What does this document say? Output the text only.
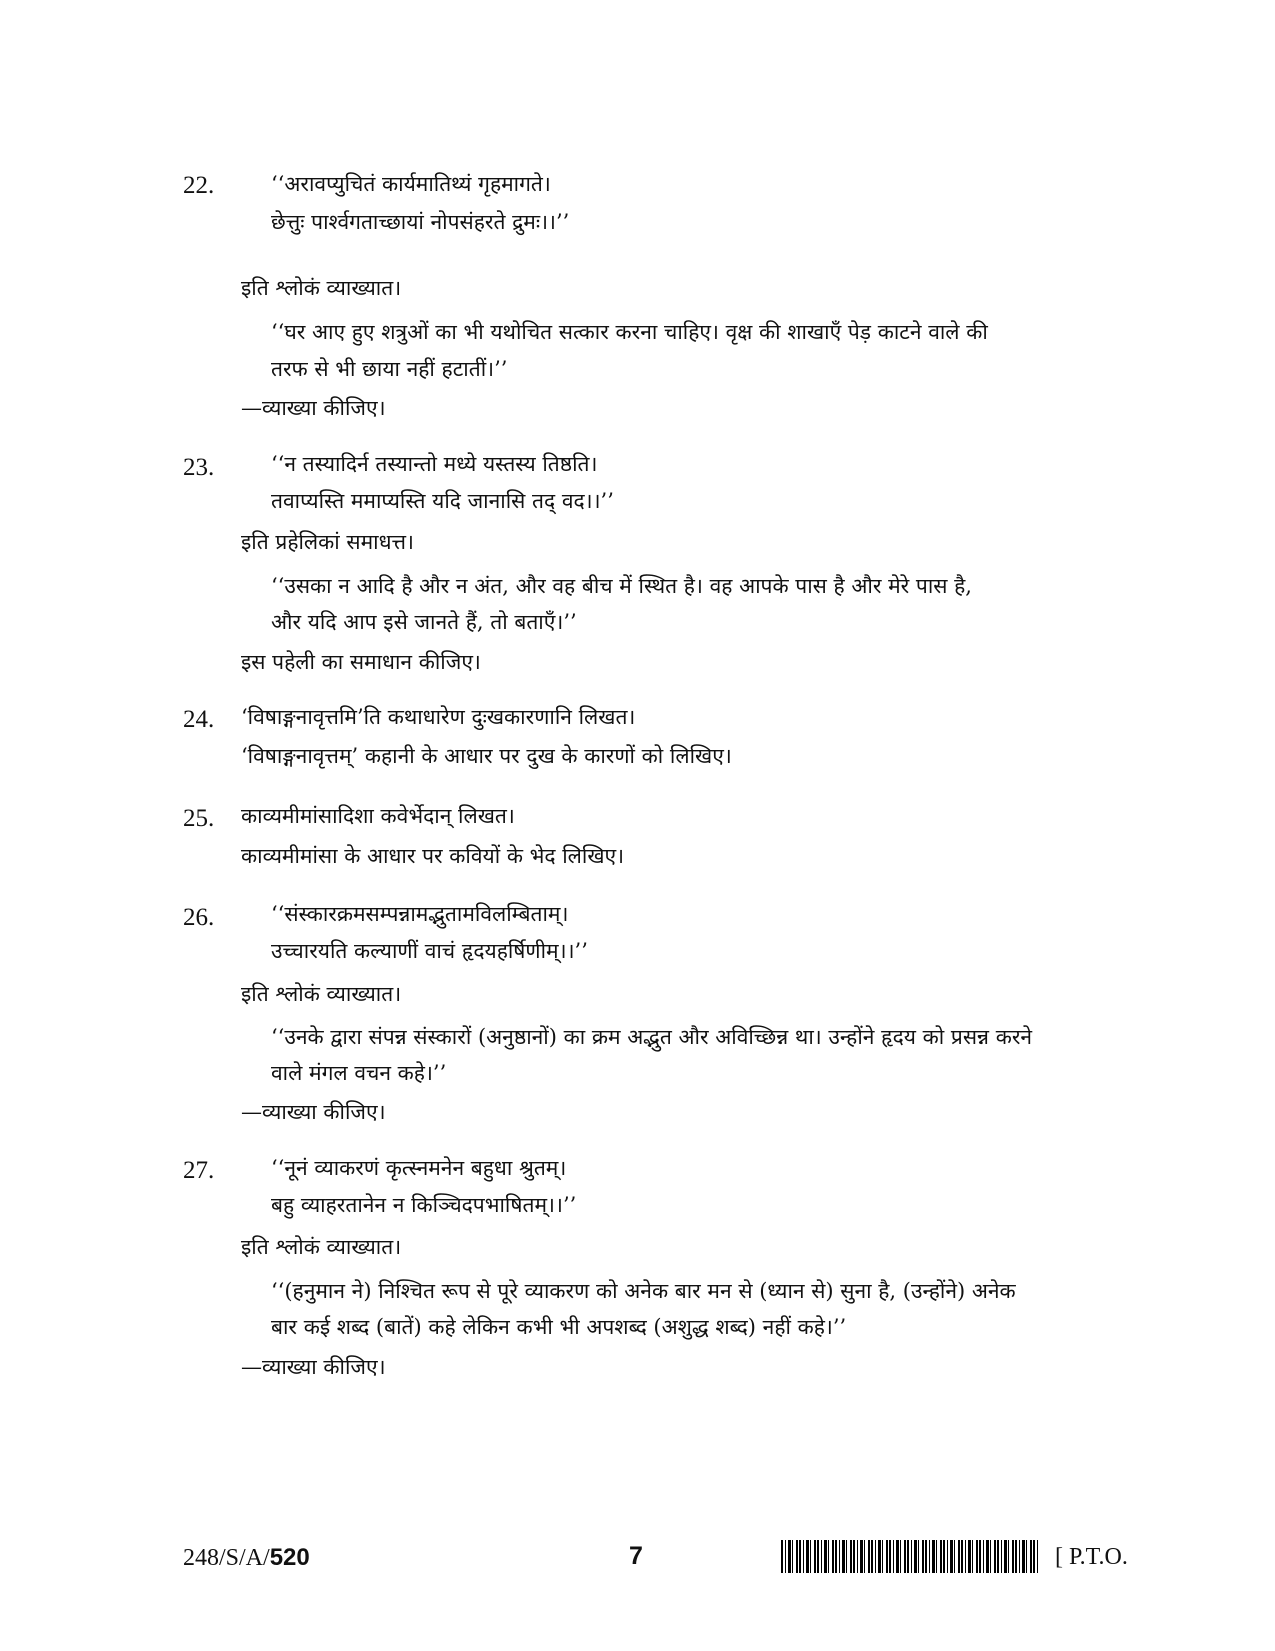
22.	‘‘अरावप्युचितं कार्यमातिथ्यं गृहमागते।
छेत्तुः पार्श्वगताच्छायां नोपसंहरते द्रुमः।।’’
इति श्लोकं व्याख्यात।
‘‘घर आए हुए शत्रुओं का भी यथोचित सत्कार करना चाहिए। वृक्ष की शाखाएँ पेड़ काटने वाले की
तरफ से भी छाया नहीं हटातीं।’’
—व्याख्या कीजिए।
23.	‘‘न तस्यादिर्न तस्यान्तो मध्ये यस्तस्य तिष्ठति।
तवाप्यस्ति ममाप्यस्ति यदि जानासि तद् वद।।’’
इति प्रहेलिकां समाधत्त।
‘‘उसका न आदि है और न अंत, और वह बीच में स्थित है। वह आपके पास है और मेरे पास है,
और यदि आप इसे जानते हैं, तो बताएँ।’’
इस पहेली का समाधान कीजिए।
24. ‘विषाङ्गनावृत्तमि’ति कथाधारेण दुःखकारणानि लिखत।
‘विषाङ्गनावृत्तम्’ कहानी के आधार पर दुख के कारणों को लिखिए।
25. काव्यमीमांसादिशा कवेर्भेदान् लिखत।
काव्यमीमांसा के आधार पर कवियों के भेद लिखिए।
26.	‘‘संस्कारक्रमसम्पन्नामद्भुतामविलम्बिताम्।
उच्चारयति कल्याणीं वाचं हृदयहर्षिणीम्।।’’
इति श्लोकं व्याख्यात।
‘‘उनके द्वारा संपन्न संस्कारों (अनुष्ठानों) का क्रम अद्भुत और अविच्छिन्न था। उन्होंने हृदय को प्रसन्न करने
वाले मंगल वचन कहे।’’
—व्याख्या कीजिए।
27.	‘‘नूनं व्याकरणं कृत्स्नमनेन बहुधा श्रुतम्।
बहु व्याहरतानेन न किञ्चिदपभाषितम्।।’’
इति श्लोकं व्याख्यात।
‘‘(हनुमान ने) निश्चित रूप से पूरे व्याकरण को अनेक बार मन से (ध्यान से) सुना है, (उन्होंने) अनेक
बार कई शब्द (बातें) कहे लेकिन कभी भी अपशब्द (अशुद्ध शब्द) नहीं कहे।’’
—व्याख्या कीजिए।
248/S/A/520	7	[ P.T.O.
